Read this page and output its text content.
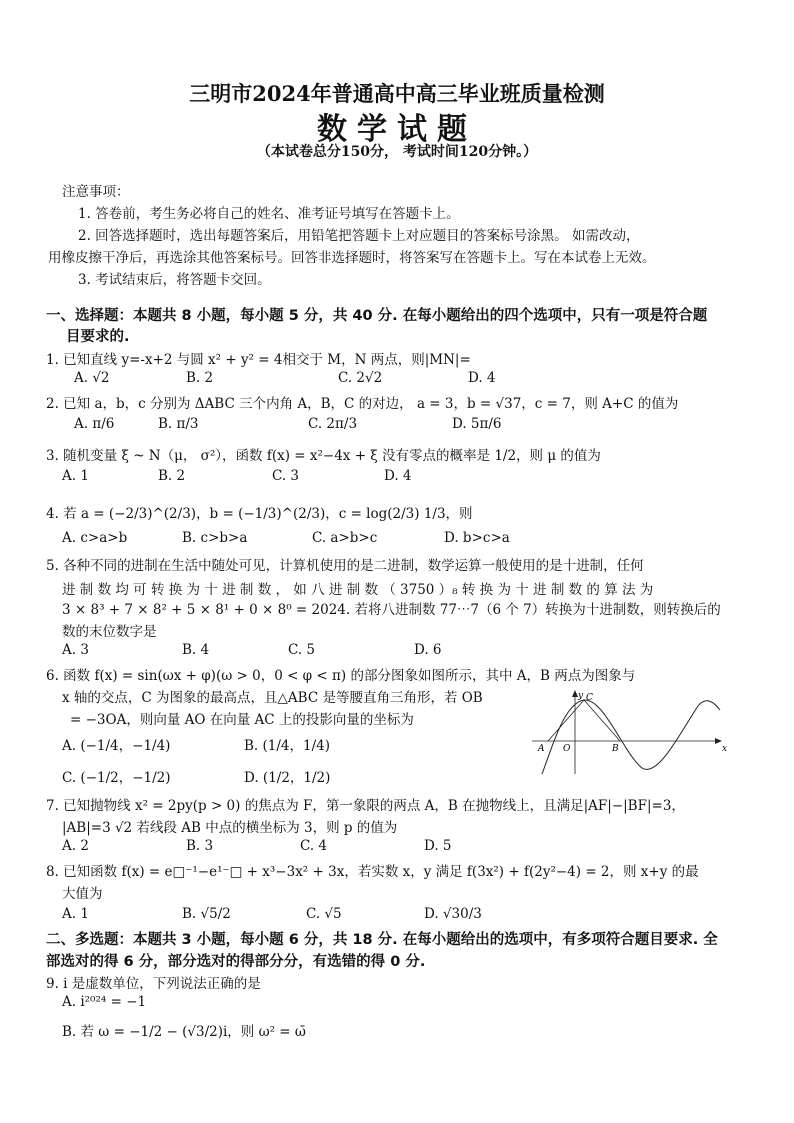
三明市2024年普通高中高三毕业班质量检测
数学试题
（本试卷总分150分， 考试时间120分钟。）
注意事项：
1. 答卷前，考生务必将自己的姓名、准考证号填写在答题卡上。
2. 回答选择题时，选出每题答案后，用铅笔把答题卡上对应题目的答案标号涂黑。 如需改动，
用橡皮擦干净后，再选涂其他答案标号。回答非选择题时，将答案写在答题卡上。写在本试卷上无效。
3. 考试结束后，将答题卡交回。
一、选择题：本题共 8 小题，每小题 5 分，共 40 分. 在每小题给出的四个选项中，只有一项是符合题
目要求的.
1. 已知直线 y=-x+2 与圆 x² + y² = 4相交于 M，N 两点，则|MN|=
A. √2	B. 2	C. 2√2	D. 4
2. 已知 a，b，c 分别为 ΔABC 三个内角 A，B，C 的对边， a = 3，b = √37，c = 7，则 A+C 的值为
A. π/6	B. π/3	C. 2π/3	D. 5π/6
3. 随机变量 ξ ~ N（μ， σ²），函数 f(x) = x²−4x + ξ 没有零点的概率是 1/2，则 μ 的值为
A. 1	B. 2	C. 3	D. 4
4. 若 a = (−2/3)^(2/3)，b = (−1/3)^(2/3)，c = log(2/3) 1/3，则
A. c>a>b	B. c>b>a	C. a>b>c	D. b>c>a
5. 各种不同的进制在生活中随处可见，计算机使用的是二进制，数学运算一般使用的是十进制，任何
进 制 数 均 可 转 换 为 十 进 制 数 ， 如 八 进 制 数 （ 3750 ）₈ 转 换 为 十 进 制 数 的 算 法 为
3 × 8³ + 7 × 8² + 5 × 8¹ + 0 × 8⁰ = 2024. 若将八进制数 77⋯7（6 个 7）转换为十进制数，则转换后的
数的末位数字是
A. 3	B. 4	C. 5	D. 6
6. 函数 f(x) = sin(ωx + φ)(ω > 0，0 < φ < π) 的部分图象如图所示，其中 A，B 两点为图象与
x 轴的交点，C 为图象的最高点，且△ABC 是等腰直角三角形，若 OB
= −3OA，则向量 AO 在向量 AC 上的投影向量的坐标为
A. (−1/4，−1/4)	B. (1/4，1/4)
C. (−1/2，−1/2)	D. (1/2，1/2)
x
y
A O	B
C
7. 已知抛物线 x² = 2py(p > 0) 的焦点为 F，第一象限的两点 A，B 在抛物线上，且满足|AF|−|BF|=3，
|AB|=3 √2 若线段 AB 中点的横坐标为 3，则 p 的值为
A. 2	B. 3	C. 4	D. 5
8. 已知函数 f(x) = e□⁻¹−e¹⁻□ + x³−3x² + 3x，若实数 x，y 满足 f(3x²) + f(2y²−4) = 2，则 x+y 的最
大值为
A. 1	B. √5/2	C. √5	D. √30/3
二、多选题：本题共 3 小题，每小题 6 分，共 18 分. 在每小题给出的选项中，有多项符合题目要求. 全
部选对的得 6 分，部分选对的得部分分，有选错的得 0 分.
9. i 是虚数单位，下列说法正确的是
A. i²⁰²⁴ = −1
B. 若 ω = −1/2 − (√3/2)i，则 ω² = ω̄
